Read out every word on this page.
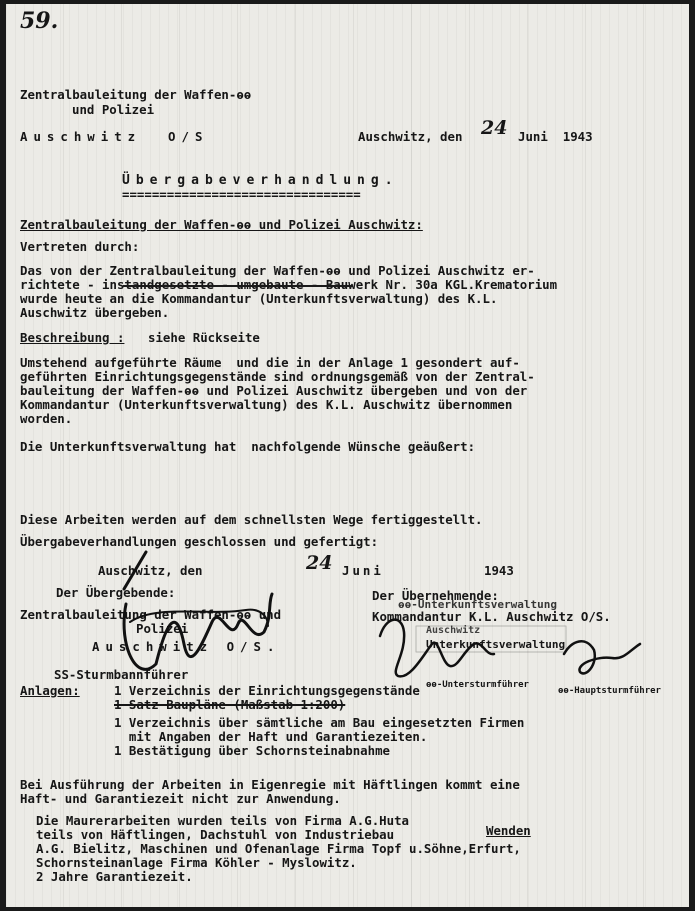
59.
Zentralbauleitung der Waffen-ⱺⱺ
und Polizei
Auschwitz  O/S	Auschwitz, den 24 Juni  1943
Übergabeverhandlung.
================================
Zentralbauleitung der Waffen-ⱺⱺ und Polizei Auschwitz:
Vertreten durch:
Das von der Zentralbauleitung der Waffen-ⱺⱺ und Polizei Auschwitz er-
richtete - instandgesetzte - umgebaute - Bauwerk Nr. 30a KGL.Krematorium
wurde heute an die Kommandantur (Unterkunftsverwaltung) des K.L.
Auschwitz übergeben.
Beschreibung : siehe Rückseite
Umstehend aufgeführte Räume  und die in der Anlage 1 gesondert auf-
geführten Einrichtungsgegenstände sind ordnungsgemäß von der Zentral-
bauleitung der Waffen-ⱺⱺ und Polizei Auschwitz übergeben und von der
Kommandantur (Unterkunftsverwaltung) des K.L. Auschwitz übernommen
worden.
Die Unterkunftsverwaltung hat  nachfolgende Wünsche geäußert:
Diese Arbeiten werden auf dem schnellsten Wege fertiggestellt.
Übergabeverhandlungen geschlossen und gefertigt:
Auschwitz, den	24 Juni	1943
Der Übergebende:
Zentralbauleitung der Waffen-ⱺⱺ und
Polizei
Auschwitz O/S.
SS-Sturmbannführer
Der Übernehmende:
Kommandantur K.L. Auschwitz O/S.
ⱺⱺ-Unterkunftsverwaltung
Auschwitz
Unterkunftsverwaltung
ⱺⱺ-Untersturmführer
ⱺⱺ-Hauptsturmführer
Anlagen:	1 Verzeichnis der Einrichtungsgegenstände
1 Satz Baupläne (Maßstab 1:200)
1 Verzeichnis über sämtliche am Bau eingesetzten Firmen
mit Angaben der Haft und Garantiezeiten.
1 Bestätigung über Schornsteinabnahme
Bei Ausführung der Arbeiten in Eigenregie mit Häftlingen kommt eine
Haft- und Garantiezeit nicht zur Anwendung.
Die Maurerarbeiten wurden teils von Firma A.G.Huta
teils von Häftlingen, Dachstuhl von Industriebau	Wenden
A.G. Bielitz, Maschinen und Ofenanlage Firma Topf u.Söhne,Erfurt,
Schornsteinanlage Firma Köhler - Myslowitz.
2 Jahre Garantiezeit.
